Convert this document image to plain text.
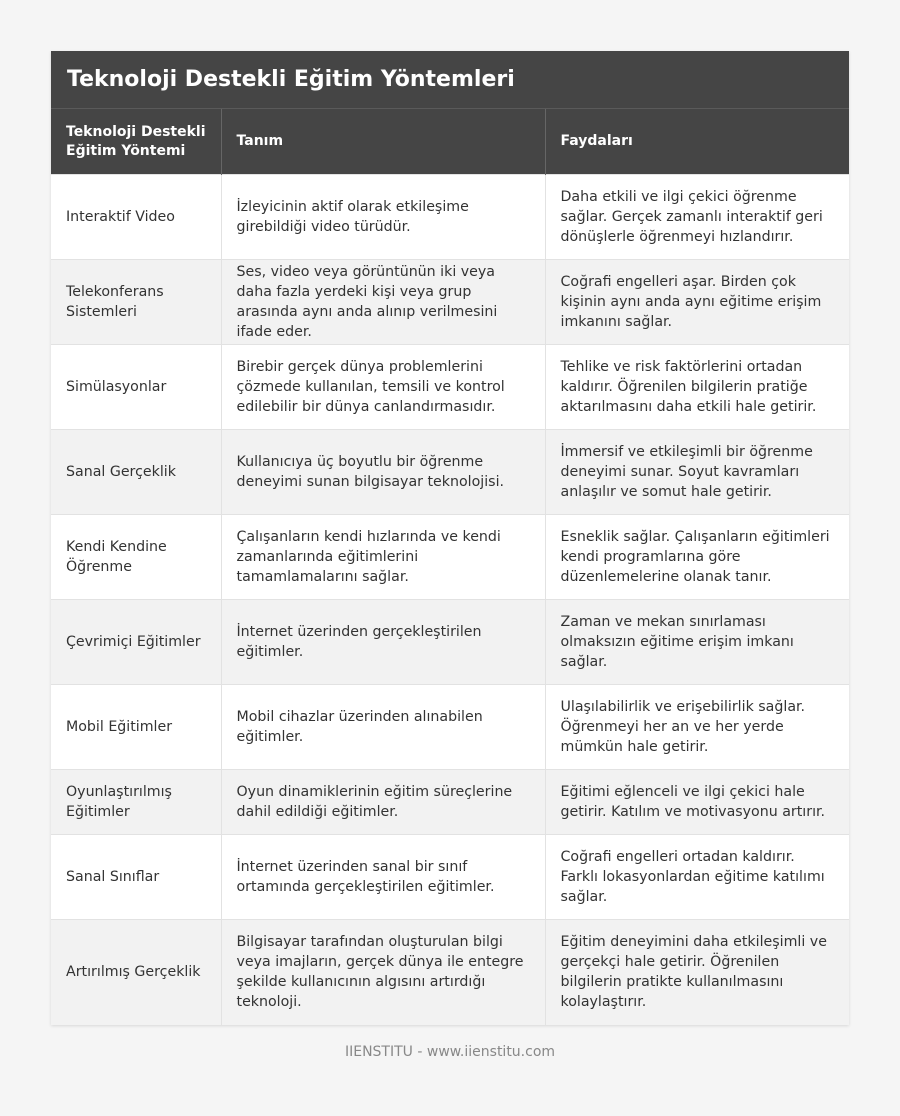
Teknoloji Destekli Eğitim Yöntemleri
Teknoloji Destekli Eğitim Yöntemi	Tanım	Faydaları
Interaktif Video	İzleyicinin aktif olarak etkileşime girebildiği video türüdür.	Daha etkili ve ilgi çekici öğrenme sağlar. Gerçek zamanlı interaktif geri dönüşlerle öğrenmeyi hızlandırır.
Telekonferans Sistemleri	Ses, video veya görüntünün iki veya daha fazla yerdeki kişi veya grup arasında aynı anda alınıp verilmesini ifade eder.	Coğrafi engelleri aşar. Birden çok kişinin aynı anda aynı eğitime erişim imkanını sağlar.
Simülasyonlar	Birebir gerçek dünya problemlerini çözmede kullanılan, temsili ve kontrol edilebilir bir dünya canlandırmasıdır.	Tehlike ve risk faktörlerini ortadan kaldırır. Öğrenilen bilgilerin pratiğe aktarılmasını daha etkili hale getirir.
Sanal Gerçeklik	Kullanıcıya üç boyutlu bir öğrenme deneyimi sunan bilgisayar teknolojisi.	İmmersif ve etkileşimli bir öğrenme deneyimi sunar. Soyut kavramları anlaşılır ve somut hale getirir.
Kendi Kendine Öğrenme	Çalışanların kendi hızlarında ve kendi zamanlarında eğitimlerini tamamlamalarını sağlar.	Esneklik sağlar. Çalışanların eğitimleri kendi programlarına göre düzenlemelerine olanak tanır.
Çevrimiçi Eğitimler	İnternet üzerinden gerçekleştirilen eğitimler.	Zaman ve mekan sınırlaması olmaksızın eğitime erişim imkanı sağlar.
Mobil Eğitimler	Mobil cihazlar üzerinden alınabilen eğitimler.	Ulaşılabilirlik ve erişebilirlik sağlar. Öğrenmeyi her an ve her yerde mümkün hale getirir.
Oyunlaştırılmış Eğitimler	Oyun dinamiklerinin eğitim süreçlerine dahil edildiği eğitimler.	Eğitimi eğlenceli ve ilgi çekici hale getirir. Katılım ve motivasyonu artırır.
Sanal Sınıflar	İnternet üzerinden sanal bir sınıf ortamında gerçekleştirilen eğitimler.	Coğrafi engelleri ortadan kaldırır. Farklı lokasyonlardan eğitime katılımı sağlar.
Artırılmış Gerçeklik	Bilgisayar tarafından oluşturulan bilgi veya imajların, gerçek dünya ile entegre şekilde kullanıcının algısını artırdığı teknoloji.	Eğitim deneyimini daha etkileşimli ve gerçekçi hale getirir. Öğrenilen bilgilerin pratikte kullanılmasını kolaylaştırır.
IIENSTITU - www.iienstitu.com
